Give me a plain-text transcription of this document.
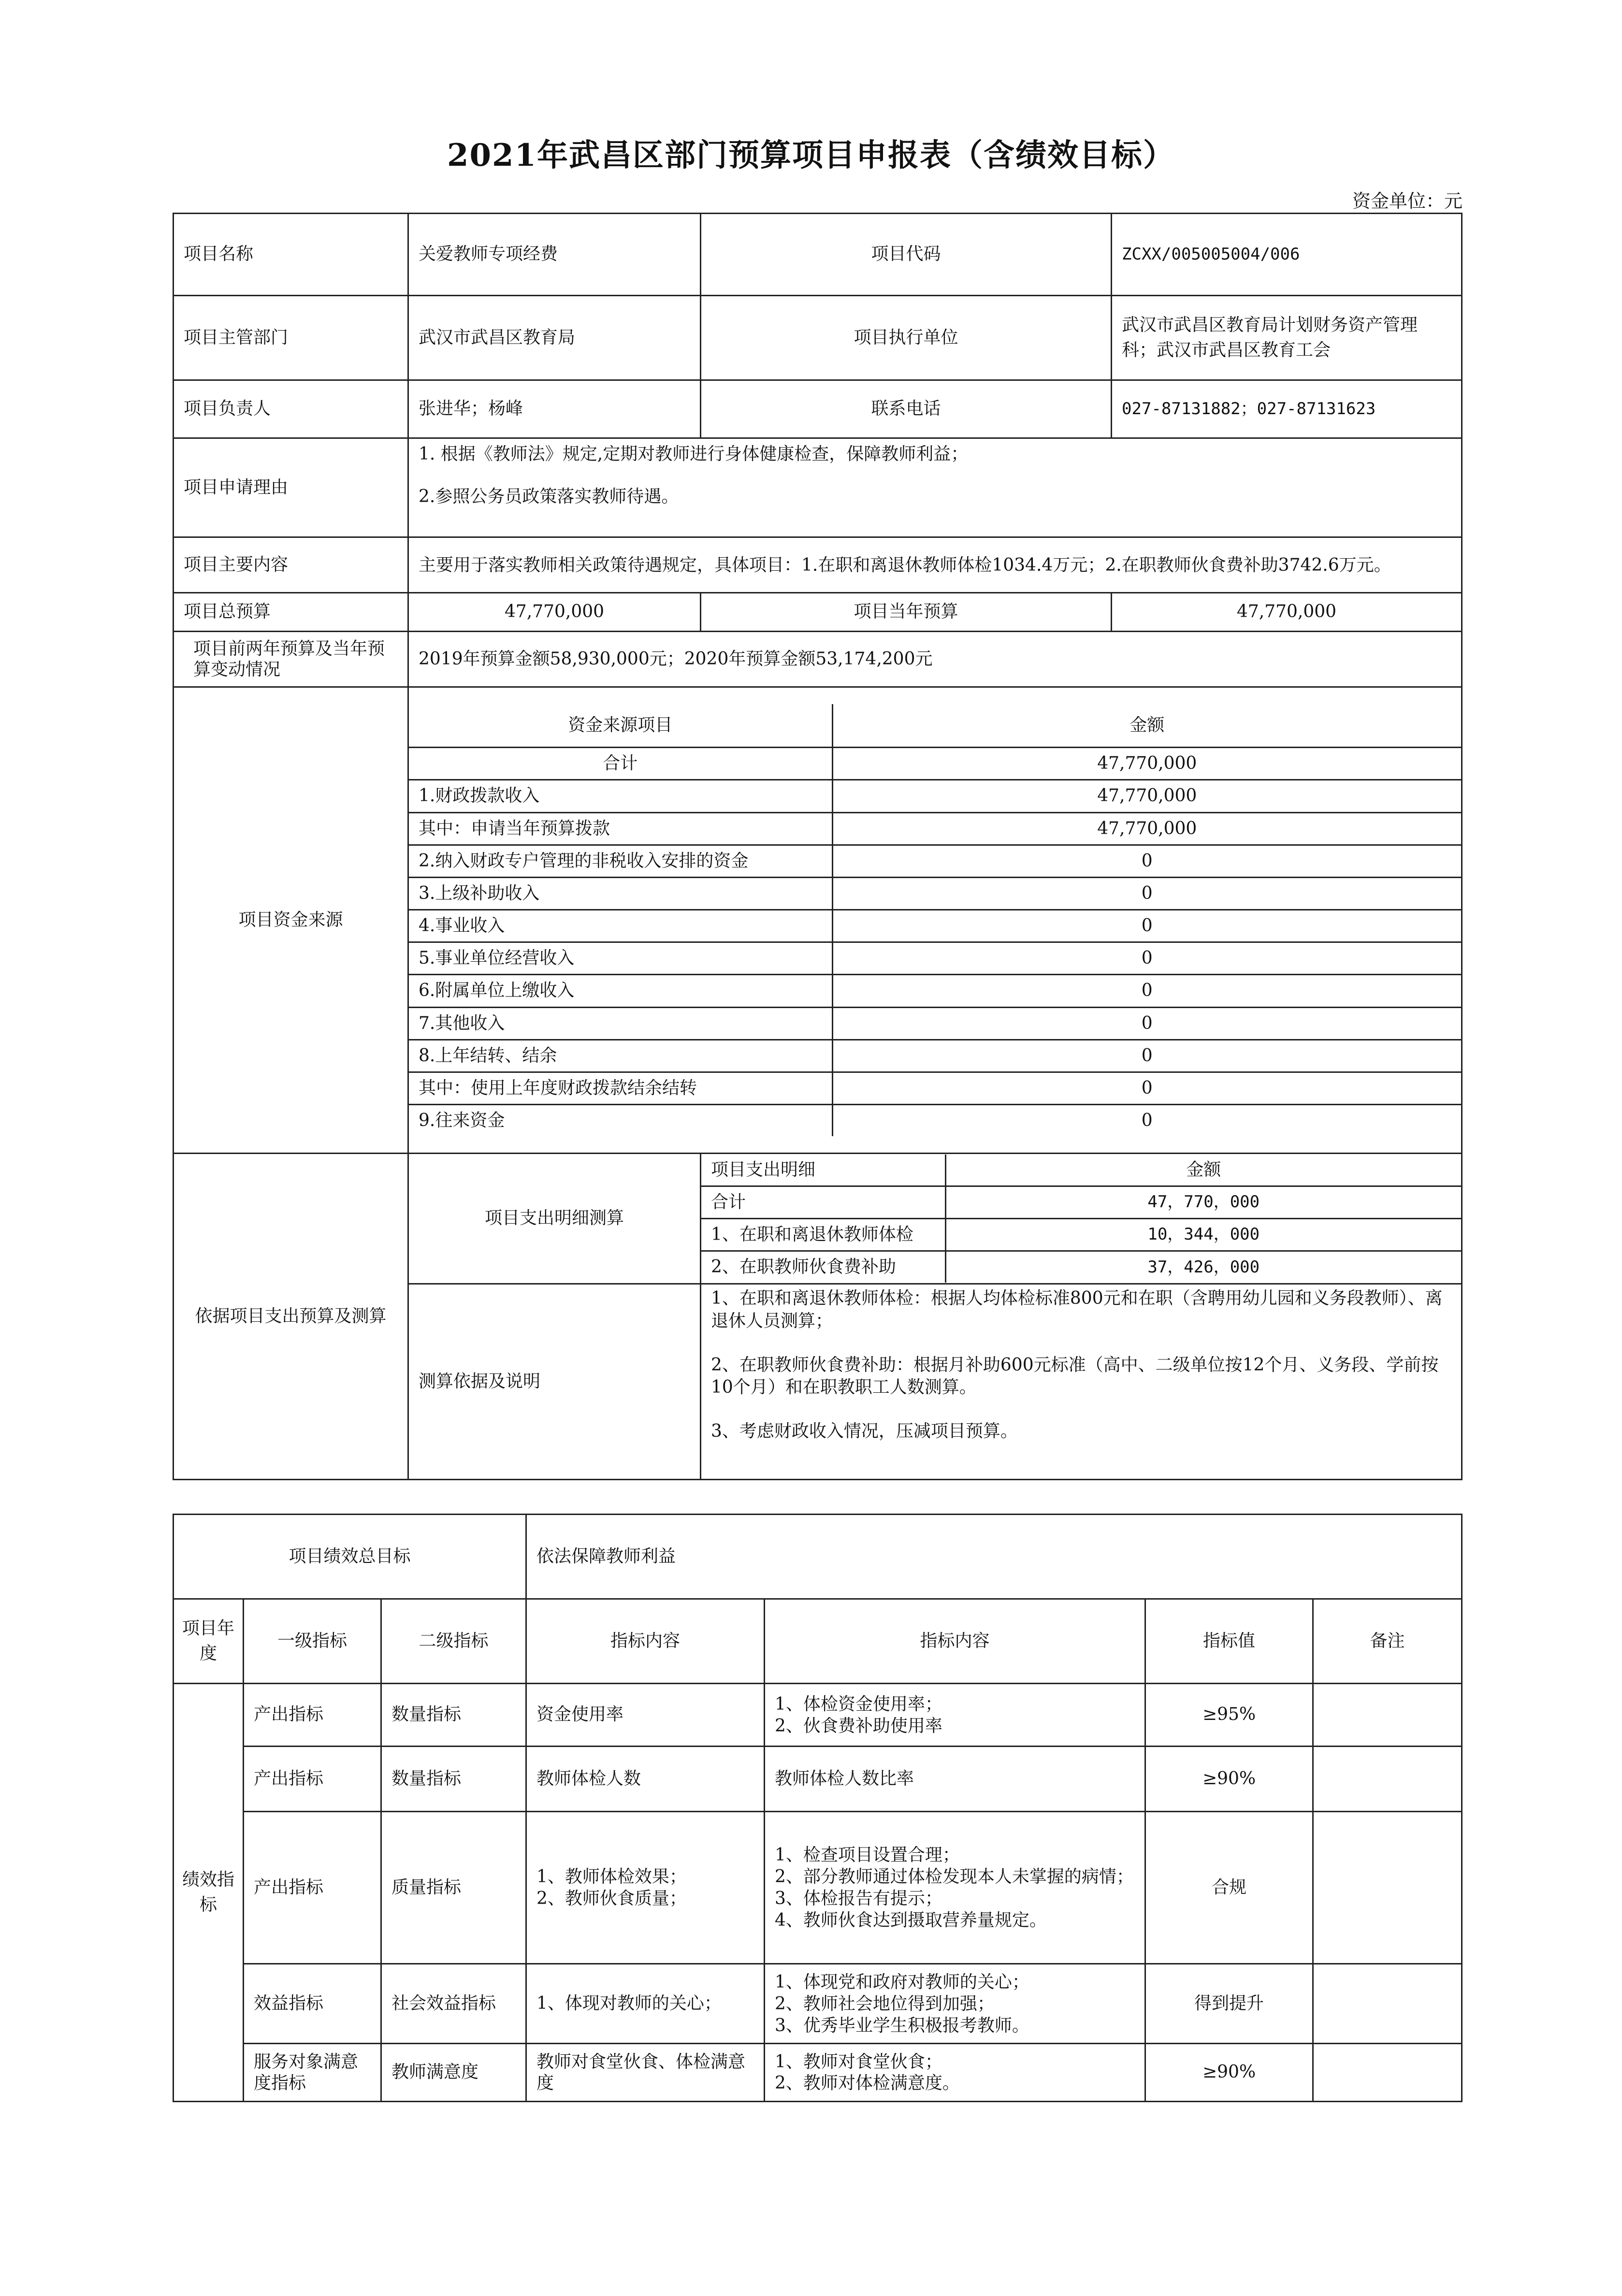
2021年武昌区部门预算项目申报表（含绩效目标）
资金单位：元
项目名称	关爱教师专项经费	项目代码	ZCXX/005005004/006
项目主管部门	武汉市武昌区教育局	项目执行单位	武汉市武昌区教育局计划财务资产管理科；武汉市武昌区教育工会
项目负责人	张进华；杨峰	联系电话	027-87131882；027-87131623
项目申请理由	
1. 根据《教师法》规定,定期对教师进行身体健康检查，保障教师利益；
2.参照公务员政策落实教师待遇。

项目主要内容	主要用于落实教师相关政策待遇规定，具体项目：1.在职和离退休教师体检1034.4万元；2.在职教师伙食费补助3742.6万元。
项目总预算	47,770,000	项目当年预算	47,770,000
项目前两年预算及当年预算变动情况	2019年预算金额58,930,000元；2020年预算金额53,174,200元
项目资金来源	
资金来源项目	金额
合计	47,770,000
1.财政拨款收入	47,770,000
其中：申请当年预算拨款	47,770,000
2.纳入财政专户管理的非税收入安排的资金	0
3.上级补助收入	0
4.事业收入	0
5.事业单位经营收入	0
6.附属单位上缴收入	0
7.其他收入	0
8.上年结转、结余	0
其中：使用上年度财政拨款结余结转	0
9.往来资金	0

依据项目支出预算及测算	项目支出明细测算	
项目支出明细	金额
合计	47，770，000
1、在职和离退休教师体检	10，344，000
2、在职教师伙食费补助	37，426，000

测算依据及说明	
1、在职和离退休教师体检：根据人均体检标准800元和在职（含聘用幼儿园和义务段教师）、离退休人员测算；
2、在职教师伙食费补助：根据月补助600元标准（高中、二级单位按12个月、义务段、学前按10个月）和在职教职工人数测算。
3、考虑财政收入情况，压减项目预算。
项目绩效总目标			依法保障教师利益			
项目年度	一级指标	二级指标	指标内容	指标内容	指标值	备注
绩效指标	产出指标	数量指标	资金使用率	1、体检资金使用率；
2、伙食费补助使用率	≥95%	
	产出指标	数量指标	教师体检人数	教师体检人数比率	≥90%	
	产出指标	质量指标	1、教师体检效果；
2、教师伙食质量；	1、检查项目设置合理；
2、部分教师通过体检发现本人未掌握的病情；
3、体检报告有提示；
4、教师伙食达到摄取营养量规定。	合规	
	效益指标	社会效益指标	1、体现对教师的关心；	1、体现党和政府对教师的关心；
2、教师社会地位得到加强；
3、优秀毕业学生积极报考教师。	得到提升	
	服务对象满意度指标	教师满意度	教师对食堂伙食、体检满意度	1、教师对食堂伙食；
2、教师对体检满意度。	≥90%	
